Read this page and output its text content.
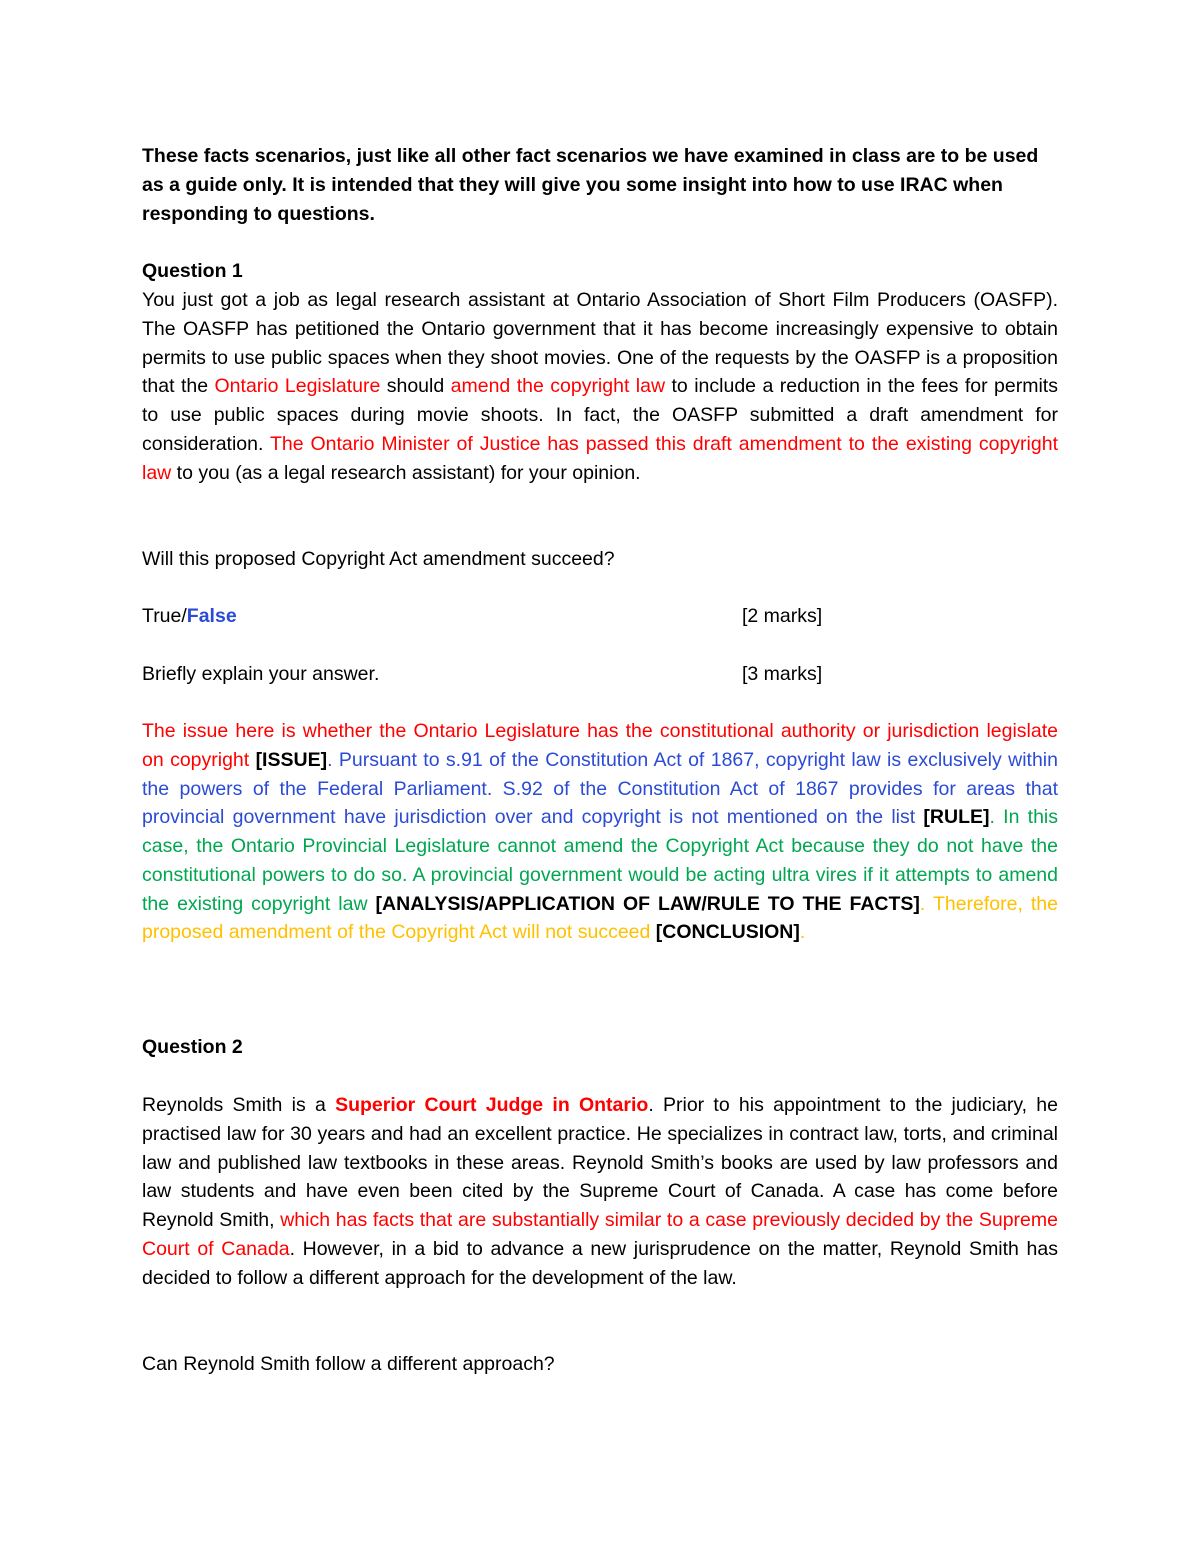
These facts scenarios, just like all other fact scenarios we have examined in class are to be used as a guide only. It is intended that they will give you some insight into how to use IRAC when responding to questions.

Question 1

You just got a job as legal research assistant at Ontario Association of Short Film Producers (OASFP). The OASFP has petitioned the Ontario government that it has become increasingly expensive to obtain permits to use public spaces when they shoot movies. One of the requests by the OASFP is a proposition that the Ontario Legislature should amend the copyright law to include a reduction in the fees for permits to use public spaces during movie shoots. In fact, the OASFP submitted a draft amendment for consideration. The Ontario Minister of Justice has passed this draft amendment to the existing copyright law to you (as a legal research assistant) for your opinion.

Will this proposed Copyright Act amendment succeed?
True/False	[2 marks]
Briefly explain your answer.	[3 marks]

The issue here is whether the Ontario Legislature has the constitutional authority or jurisdiction legislate on copyright [ISSUE]. Pursuant to s.91 of the Constitution Act of 1867, copyright law is exclusively within the powers of the Federal Parliament. S.92 of the Constitution Act of 1867 provides for areas that provincial government have jurisdiction over and copyright is not mentioned on the list [RULE]. In this case, the Ontario Provincial Legislature cannot amend the Copyright Act because they do not have the constitutional powers to do so. A provincial government would be acting ultra vires if it attempts to amend the existing copyright law [ANALYSIS/APPLICATION OF LAW/RULE TO THE FACTS]. Therefore, the proposed amendment of the Copyright Act will not succeed [CONCLUSION].

Question 2

Reynolds Smith is a Superior Court Judge in Ontario. Prior to his appointment to the judiciary, he practised law for 30 years and had an excellent practice. He specializes in contract law, torts, and criminal law and published law textbooks in these areas. Reynold Smith’s books are used by law professors and law students and have even been cited by the Supreme Court of Canada. A case has come before Reynold Smith, which has facts that are substantially similar to a case previously decided by the Supreme Court of Canada. However, in a bid to advance a new jurisprudence on the matter, Reynold Smith has decided to follow a different approach for the development of the law.

Can Reynold Smith follow a different approach?
